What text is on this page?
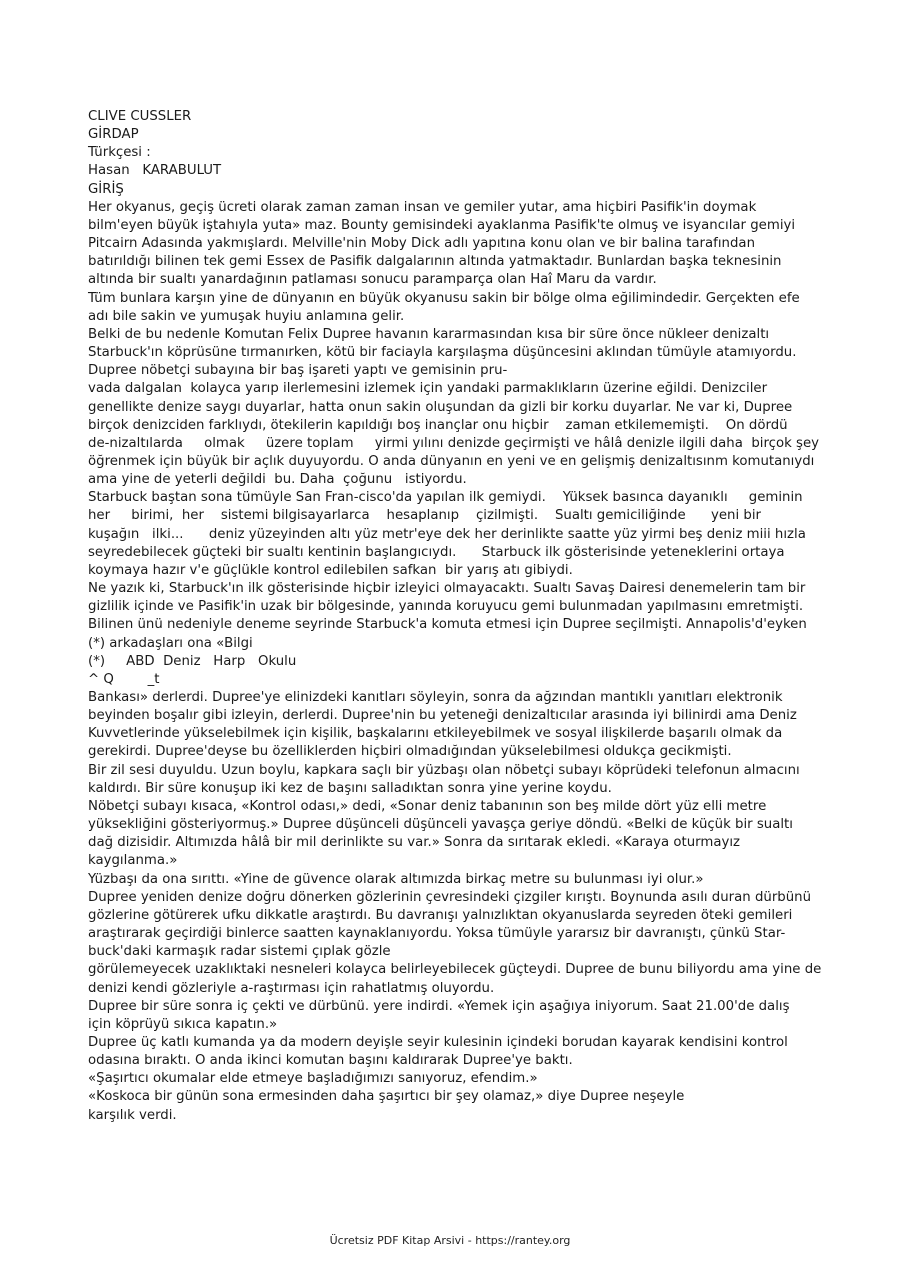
CLIVE CUSSLER
GİRDAP
Türkçesi :
Hasan   KARABULUT
GİRİŞ
Her okyanus, geçiş ücreti olarak zaman zaman insan ve gemiler yutar, ama hiçbiri Pasifik'in doymak
bilm'eyen büyük iştahıyla yuta» maz. Bounty gemisindeki ayaklanma Pasifik'te olmuş ve isyancılar gemiyi
Pitcairn Adasında yakmışlardı. Melville'nin Moby Dick adlı yapıtına konu olan ve bir balina tarafından
batırıldığı bilinen tek gemi Essex de Pasifik dalgalarının altında yatmaktadır. Bunlardan başka teknesinin
altında bir sualtı yanardağının patlaması sonucu paramparça olan Haî Maru da vardır.
Tüm bunlara karşın yine de dünyanın en büyük okyanusu sakin bir bölge olma eğilimindedir. Gerçekten efe
adı bile sakin ve yumuşak huyiu anlamına gelir.
Belki de bu nedenle Komutan Felix Dupree havanın kararmasından kısa bir süre önce nükleer denizaltı
Starbuck'ın köprüsüne tırmanırken, kötü bir faciayla karşılaşma düşüncesini aklından tümüyle atamıyordu.
Dupree nöbetçi subayına bir baş işareti yaptı ve gemisinin pru-
vada dalgalan  kolayca yarıp ilerlemesini izlemek için yandaki parmaklıkların üzerine eğildi. Denizciler
genellikte denize saygı duyarlar, hatta onun sakin oluşundan da gizli bir korku duyarlar. Ne var ki, Dupree
birçok denizciden farklıydı, ötekilerin kapıldığı boş inançlar onu hiçbir    zaman etkilememişti.    On dördü
de-nizaltılarda     olmak     üzere toplam     yirmi yılını denizde geçirmişti ve hâlâ denizle ilgili daha  birçok şey
öğrenmek için büyük bir açlık duyuyordu. O anda dünyanın en yeni ve en gelişmiş denizaltısınm komutanıydı
ama yine de yeterli değildi  bu. Daha  çoğunu   istiyordu.
Starbuck baştan sona tümüyle San Fran-cisco'da yapılan ilk gemiydi.    Yüksek basınca dayanıklı     geminin
her     birimi,  her    sistemi bilgisayarlarca    hesaplanıp    çizilmişti.    Sualtı gemiciliğinde      yeni bir
kuşağın   ilki...      deniz yüzeyinden altı yüz metr'eye dek her derinlikte saatte yüz yirmi beş deniz miii hızla
seyredebilecek güçteki bir sualtı kentinin başlangıcıydı.      Starbuck ilk gösterisinde yeteneklerini ortaya
koymaya hazır v'e güçlükle kontrol edilebilen safkan  bir yarış atı gibiydi.
Ne yazık ki, Starbuck'ın ilk gösterisinde hiçbir izleyici olmayacaktı. Sualtı Savaş Dairesi denemelerin tam bir
gizlilik içinde ve Pasifik'in uzak bir bölgesinde, yanında koruyucu gemi bulunmadan yapılmasını emretmişti.
Bilinen ünü nedeniyle deneme seyrinde Starbuck'a komuta etmesi için Dupree seçilmişti. Annapolis'd'eyken
(*) arkadaşları ona «Bilgi
(*)     ABD  Deniz   Harp   Okulu
^ Q        _t
Bankası» derlerdi. Dupree'ye elinizdeki kanıtları söyleyin, sonra da ağzından mantıklı yanıtları elektronik
beyinden boşalır gibi izleyin, derlerdi. Dupree'nin bu yeteneği denizaltıcılar arasında iyi bilinirdi ama Deniz
Kuvvetlerinde yükselebilmek için kişilik, başkalarını etkileyebilmek ve sosyal ilişkilerde başarılı olmak da
gerekirdi. Dupree'deyse bu özelliklerden hiçbiri olmadığından yükselebilmesi oldukça gecikmişti.
Bir zil sesi duyuldu. Uzun boylu, kapkara saçlı bir yüzbaşı olan nöbetçi subayı köprüdeki telefonun almacını
kaldırdı. Bir süre konuşup iki kez de başını salladıktan sonra yine yerine koydu.
Nöbetçi subayı kısaca, «Kontrol odası,» dedi, «Sonar deniz tabanının son beş milde dört yüz elli metre
yüksekliğini gösteriyormuş.» Dupree düşünceli düşünceli yavaşça geriye döndü. «Belki de küçük bir sualtı
dağ dizisidir. Altımızda hâlâ bir mil derinlikte su var.» Sonra da sırıtarak ekledi. «Karaya oturmayız
kaygılanma.»
Yüzbaşı da ona sırıttı. «Yine de güvence olarak altımızda birkaç metre su bulunması iyi olur.»
Dupree yeniden denize doğru dönerken gözlerinin çevresindeki çizgiler kırıştı. Boynunda asılı duran dürbünü
gözlerine götürerek ufku dikkatle araştırdı. Bu davranışı yalnızlıktan okyanuslarda seyreden öteki gemileri
araştırarak geçirdiği binlerce saatten kaynaklanıyordu. Yoksa tümüyle yararsız bir davranıştı, çünkü Star-
buck'daki karmaşık radar sistemi çıplak gözle
görülemeyecek uzaklıktaki nesneleri kolayca belirleyebilecek güçteydi. Dupree de bunu biliyordu ama yine de
denizi kendi gözleriyle a-raştırması için rahatlatmış oluyordu.
Dupree bir süre sonra iç çekti ve dürbünü. yere indirdi. «Yemek için aşağıya iniyorum. Saat 21.00'de dalış
için köprüyü sıkıca kapatın.»
Dupree üç katlı kumanda ya da modern deyişle seyir kulesinin içindeki borudan kayarak kendisini kontrol
odasına bıraktı. O anda ikinci komutan başını kaldırarak Dupree'ye baktı.
«Şaşırtıcı okumalar elde etmeye başladığımızı sanıyoruz, efendim.»
«Koskoca bir günün sona ermesinden daha şaşırtıcı bir şey olamaz,» diye Dupree neşeyle
karşılık verdi.
Ücretsiz PDF Kitap Arsivi - https://rantey.org
